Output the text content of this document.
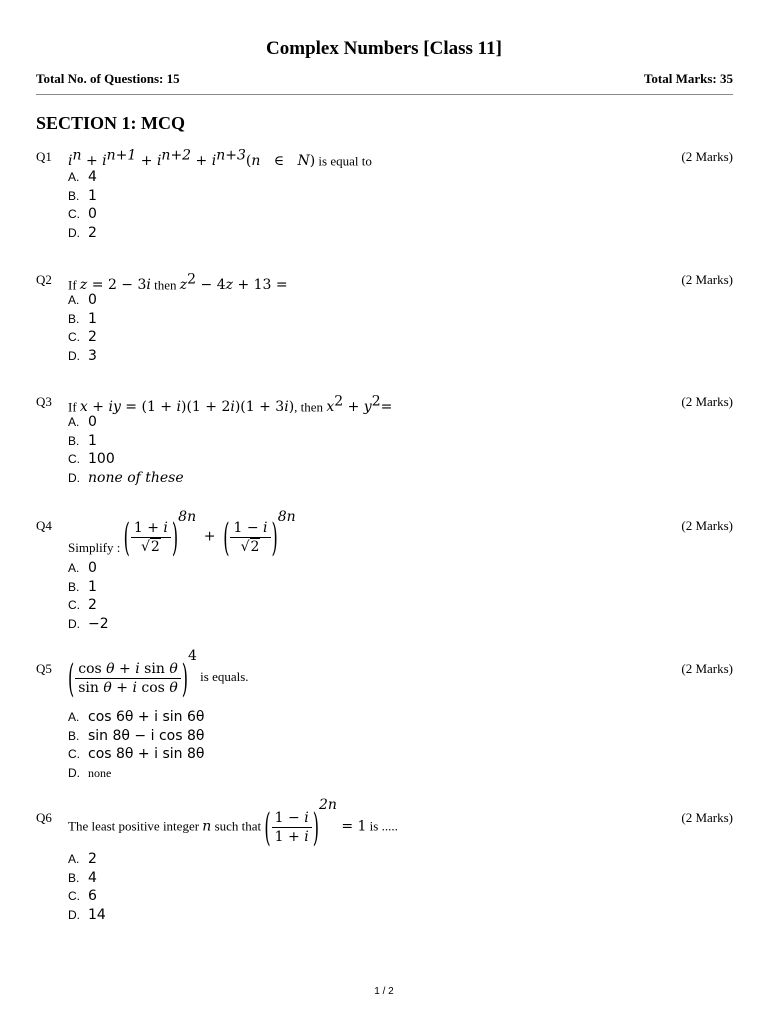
Complex Numbers [Class 11]
Total No. of Questions: 15	Total Marks: 35
SECTION 1: MCQ
Q1 $i^n + i^{n+1} + i^{n+2} + i^{n+3}(n$   ∈   N) is equal to	(2 Marks)
A. 4
B. 1
C. 0
D. 2
Q2 If z = 2 − 3i then $z^2 - 4z + 13$ =	(2 Marks)
A. 0
B. 1
C. 2
D. 3
Q3 If x + iy = (1 + i)(1 + 2i)(1 + 3i), then $x^2 + y^2=$	(2 Marks)
A. 0
B. 1
C. 100
D. none of these
Q4
Simplify : ( $\frac{1 + i}{√2} )^{8n}$  +  ( $\frac{1 - i}{√2} )^{8n}$
(2 Marks)
A. 0
B. 1
C. 2
D. −2
Q5 ( $\frac{\text{cos θ + i sin θ}}{\text{sin θ + i cos θ}} )^4$ is equals.
(2 Marks)
A. cos 6θ + i sin 6θ
B. sin 8θ − i cos 8θ
C. cos 8θ + i sin 8θ
D. none
Q6
The least positive integer n such that ( $\frac{1 - i}{1 + i} )^{2n} = 1$ is .....
(2 Marks)
A. 2
B. 4
C. 6
D. 14
1 / 2
